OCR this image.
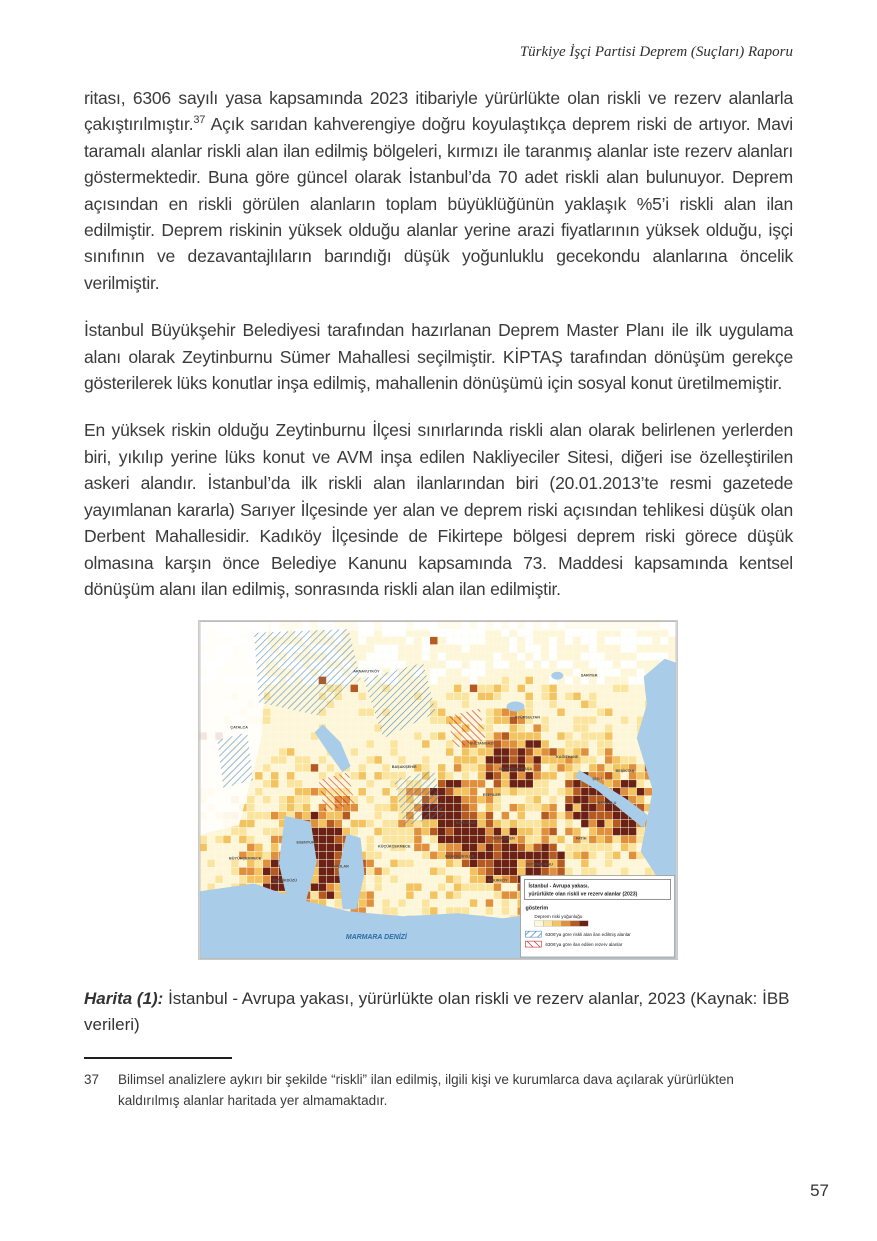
Türkiye İşçi Partisi Deprem (Suçları) Raporu

ritası, 6306 sayılı yasa kapsamında 2023 itibariyle yürürlükte olan riskli ve rezerv alanlarla çakıştırılmıştır.$^{37}$ Açık sarıdan kahverengiye doğru koyulaştıkça deprem riski de artıyor. Mavi taramalı alanlar riskli alan ilan edilmiş bölgeleri, kırmızı ile taranmış alanlar iste rezerv alanları göstermektedir. Buna göre güncel olarak İstanbul’da 70 adet riskli alan bulunuyor. Deprem açısından en riskli görülen alanların toplam büyüklüğünün yaklaşık %5’i riskli alan ilan edilmiştir. Deprem riskinin yüksek olduğu alanlar yerine arazi fiyatlarının yüksek olduğu, işçi sınıfının ve dezavantajlıların barındığı düşük yoğunluklu gecekondu alanlarına öncelik verilmiştir.

İstanbul Büyükşehir Belediyesi tarafından hazırlanan Deprem Master Planı ile ilk uygulama alanı olarak Zeytinburnu Sümer Mahallesi seçilmiştir. KİPTAŞ tarafından dönüşüm gerekçe gösterilerek lüks konutlar inşa edilmiş, mahallenin dönüşümü için sosyal konut üretilmemiştir.

En yüksek riskin olduğu Zeytinburnu İlçesi sınırlarında riskli alan olarak belirlenen yerlerden biri, yıkılıp yerine lüks konut ve AVM inşa edilen Nakliyeciler Sitesi, diğeri ise özelleştirilen askeri alandır. İstanbul’da ilk riskli alan ilanlarından biri (20.01.2013’te resmi gazetede yayımlanan kararla) Sarıyer İlçesinde yer alan ve deprem riski açısından tehlikesi düşük olan Derbent Mahallesidir. Kadıköy İlçesinde de Fikirtepe bölgesi deprem riski görece düşük olmasına karşın önce Belediye Kanunu kapsamında 73. Maddesi kapsamında kentsel dönüşüm alanı ilan edilmiş, sonrasında riskli alan ilan edilmiştir.

ÇATALCA
ARNAVUTKÖY
SARIYER
EYÜPSULTAN
BAŞAKŞEHİR
SULTANGAZİ
GAZİOSMANPAŞA
KAĞITHANE
ŞİŞLİ
BEŞİKTAŞ
BEYOĞLU
ESENLER
BAĞCILAR
GÜNGÖREN
BAHÇELİEVLER
BAKIRKÖY
ZEYTİNBURNU
FATİH
KÜÇÜKÇEKMECE
AVCILAR
ESENYURT
BEYLİKDÜZÜ
BÜYÜKÇEKMECE
MARMARA DENİZİ
İstanbul - Avrupa yakası,
yürürlükte olan riskli ve rezerv alanlar (2023)
gösterim
Deprem riski yoğunluğu
6306’ya göre riskli alan ilan edilmiş alanlar
6306’ya göre ilan edilen rezerv alanlar

Harita (1): İstanbul - Avrupa yakası, yürürlükte olan riskli ve rezerv alanlar, 2023 (Kaynak: İBB verileri)

37	Bilimsel analizlere aykırı bir şekilde “riskli” ilan edilmiş, ilgili kişi ve kurumlarca dava açılarak yürürlükten kaldırılmış alanlar haritada yer almamaktadır.
57
